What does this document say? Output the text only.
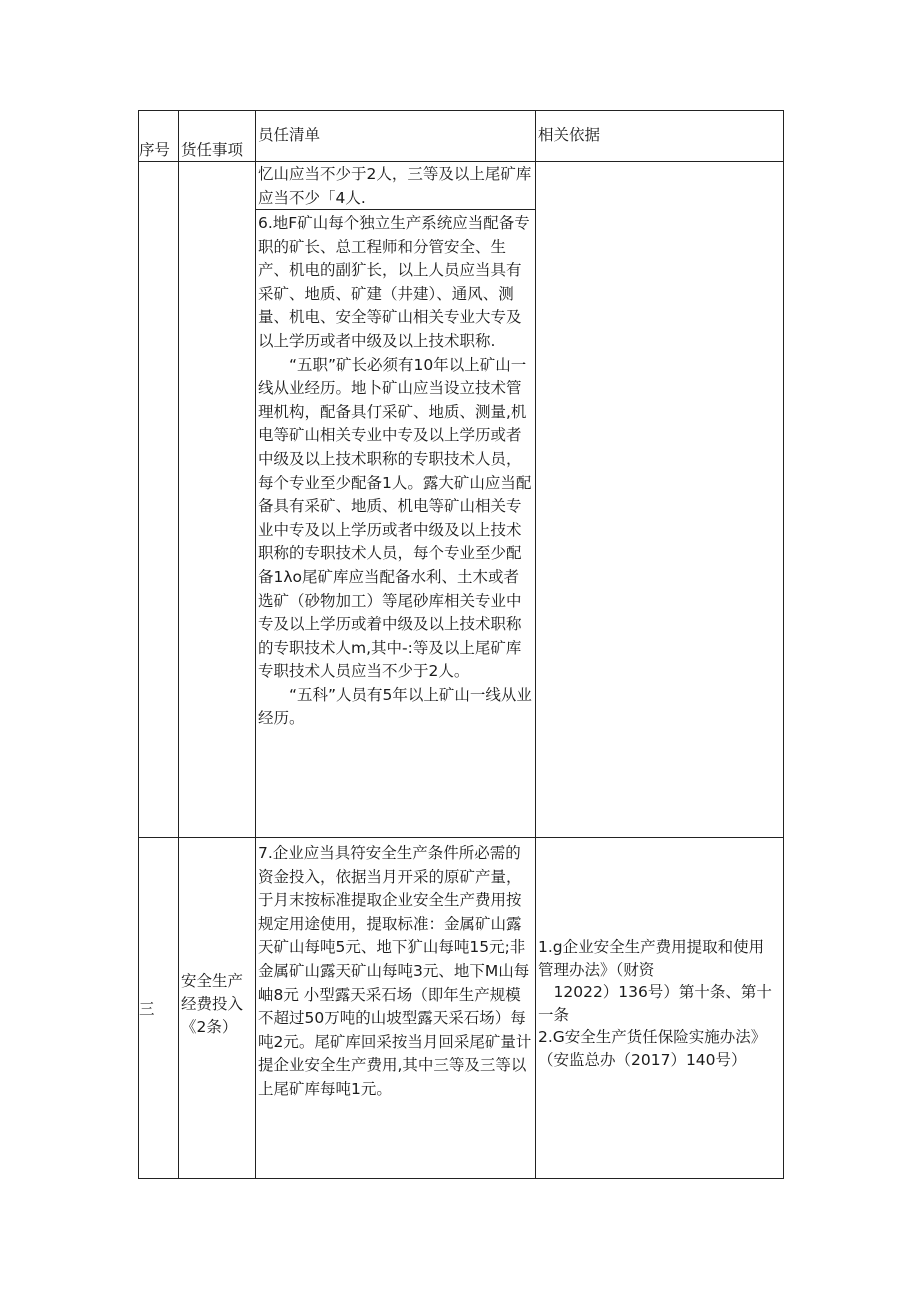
序号 货任事项
员任清单	相关依据

忆山应当不少于2人，三等及以上尾矿库应当不少「4人.

6.地F矿山每个独立生产系统应当配备专职的矿长、总工程师和分管安全、生产、机电的副犷长，以上人员应当具有采矿、地质、矿建（井建）、通风、测量、机电、安全等矿山相关专业大专及以上学历或者中级及以上技术职称.

“五职”矿长必须有10年以上矿山一线从业经历。地卜矿山应当设立技术管理机构，配备具仃采矿、地质、测量,机电等矿山相关专业中专及以上学历或者中级及以上技术职称的专职技术人员，每个专业至少配备1人。露大矿山应当配备具有采矿、地质、机电等矿山相关专业中专及以上学历或者中级及以上技术职称的专职技术人员，每个专业至少配备1λo尾矿库应当配备水利、土木或者选矿（砂物加工）等尾砂库相关专业中专及以上学历或着中级及以上技术职称的专职技术人m,其中-:等及以上尾矿库专职技术人员应当不少于2人。

“五科”人员有5年以上矿山一线从业经历。

三
安全生产
经费投入
《2条）

7.企业应当具符安全生产条件所必需的资金投入，依据当月开采的原矿产量，于月末按标准提取企业安全生产费用按规定用途使用，提取标准：金属矿山露天矿山每吨5元、地下犷山每吨15元;非金属矿山露天矿山每吨3元、地下M山每岫8元 小型露天采石场（即年生产规模不超过50万吨的山坡型露天采石场）每吨2元。尾矿库回采按当月回采尾矿量计提企业安全生产费用,其中三等及三等以上尾矿库每吨1元。

1.g企业安全生产费用提取和使用
管理办法》（财资
　12022）136号）第十条、第十
一条
2.G安全生产货任保险实施办法》
（安监总办（2017）140号）
